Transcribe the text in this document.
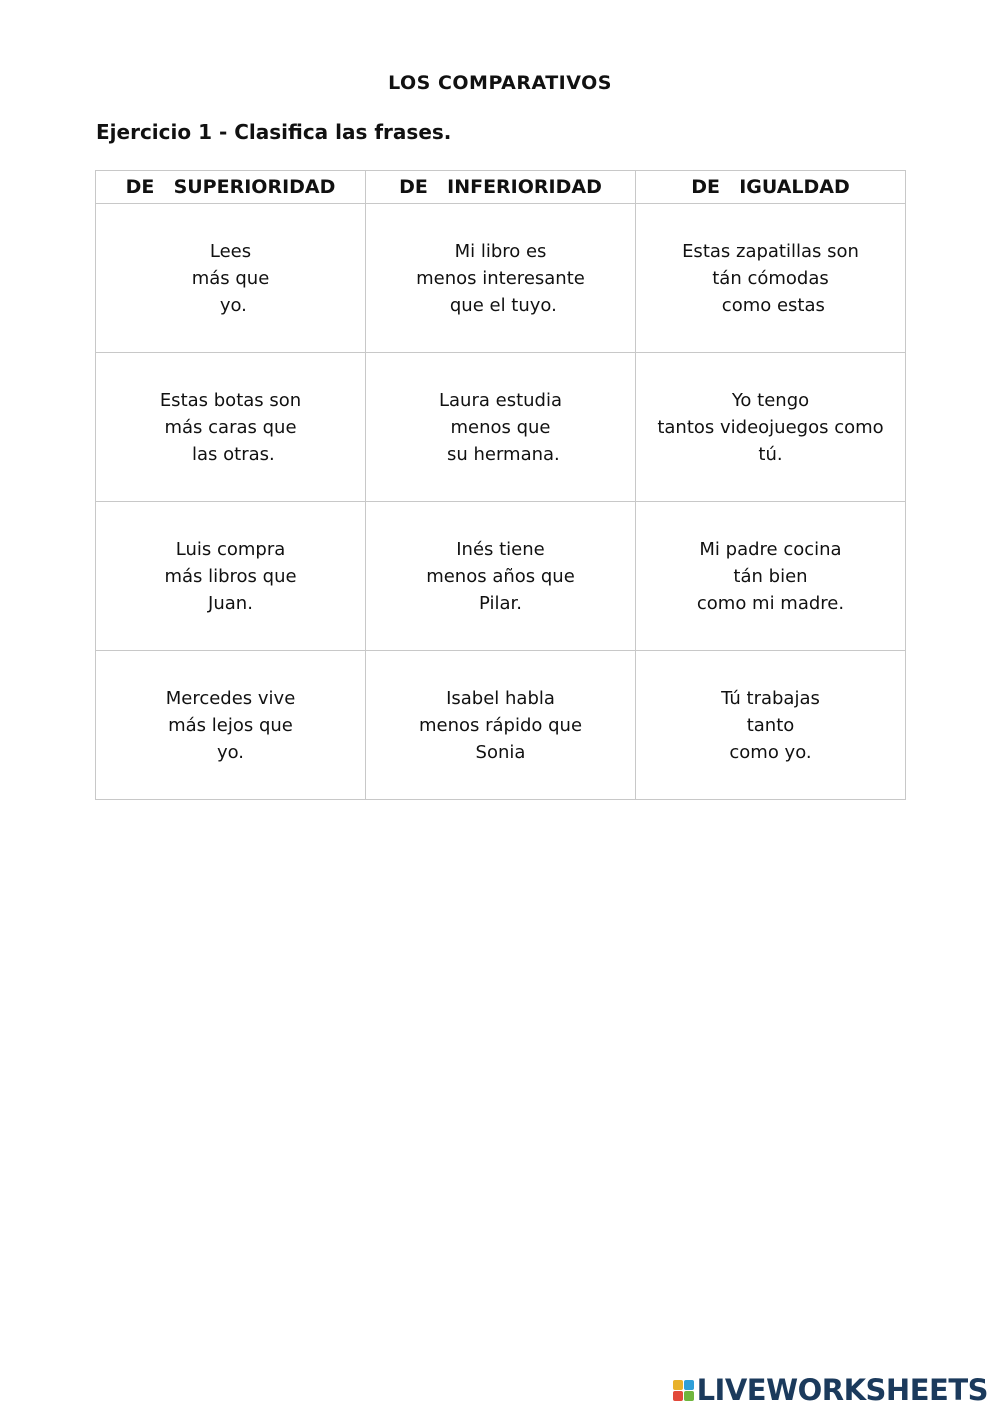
LOS COMPARATIVOS
Ejercicio 1 - Clasifica las frases.
DE  SUPERIORIDAD	DE  INFERIORIDAD	DE  IGUALDAD

Lees
más que
yo.	Mi libro es
menos interesante
que el tuyo.	Estas zapatillas son
tán cómodas
como estas

Estas botas son
más caras que
las otras.	Laura estudia
menos que
su hermana.	Yo tengo
tantos videojuegos como
tú.

Luis compra
más libros que
Juan.	Inés tiene
menos años que
Pilar.	Mi padre cocina
tán bien
como mi madre.

Mercedes vive
más lejos que
yo.	Isabel habla
menos rápido que
Sonia	Tú trabajas
tanto
como yo.
LIVEWORKSHEETS
